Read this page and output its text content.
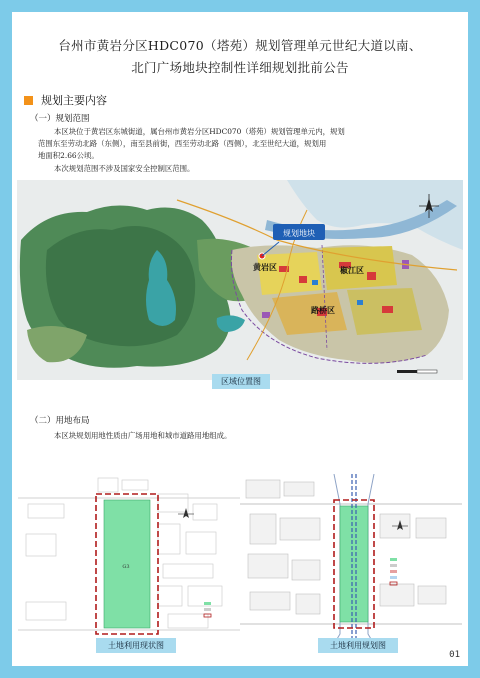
台州市黄岩分区HDC070（塔苑）规划管理单元世纪大道以南、
北门广场地块控制性详细规划批前公告
规划主要内容
（一）规划范围
本区块位于黄岩区东城街道，属台州市黄岩分区HDC070（塔苑）规划管理单元内，规划
范围东至劳动北路（东侧），南至县前街，西至劳动北路（西侧），北至世纪大道，规划用
地面积2.66公顷。
本次规划范围不涉及国家安全控制区范围。
规划地块
黄岩区	椒江区
路桥区
区域位置图
（二）用地布局
本区块规划用地性质由广场用地和城市道路用地组成。
G3
土地利用现状图	土地利用规划图
01
